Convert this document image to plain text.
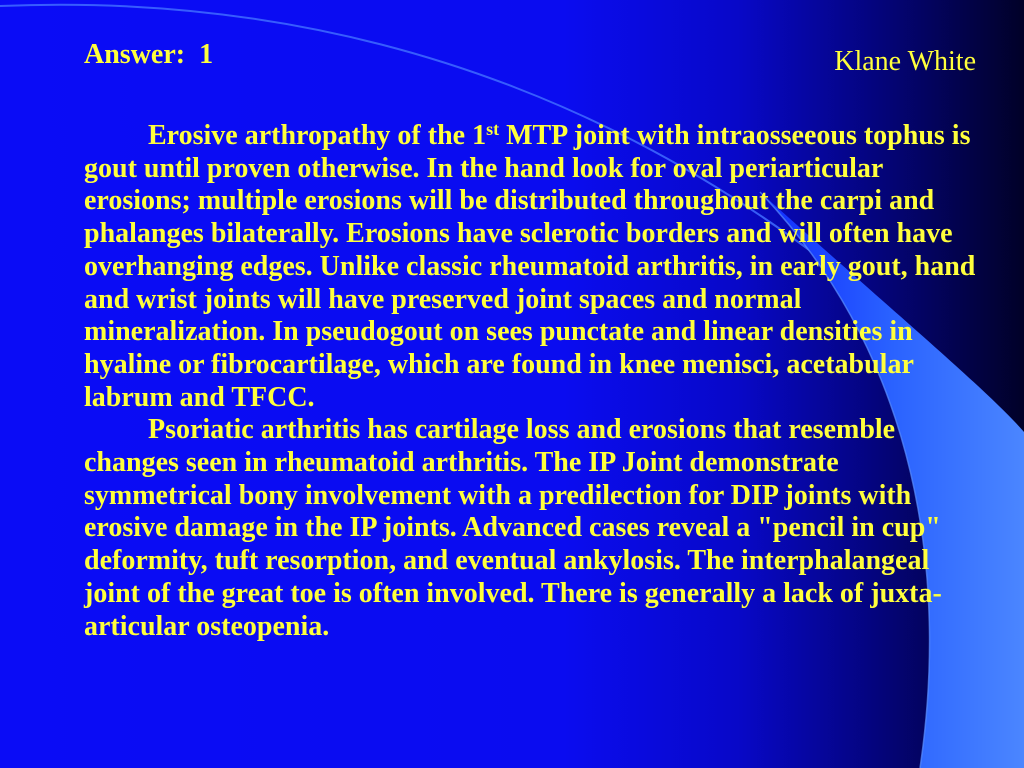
Answer:  1	Klane White

Erosive arthropathy of the 1st MTP joint with intraosseeous tophus is gout until proven otherwise. In the hand look for oval periarticular erosions; multiple erosions will be distributed throughout the carpi and phalanges bilaterally. Erosions have sclerotic borders and will often have overhanging edges. Unlike classic rheumatoid arthritis, in early gout, hand and wrist joints will have preserved joint spaces and normal mineralization. In pseudogout on sees punctate and linear densities in hyaline or fibrocartilage, which are found in knee menisci, acetabular labrum and TFCC.

Psoriatic arthritis has cartilage loss and erosions that resemble changes seen in rheumatoid arthritis. The IP Joint demonstrate symmetrical bony involvement with a predilection for DIP joints with erosive damage in the IP joints. Advanced cases reveal a "pencil in cup" deformity, tuft resorption, and eventual ankylosis. The interphalangeal joint of the great toe is often involved. There is generally a lack of juxta-articular osteopenia.
